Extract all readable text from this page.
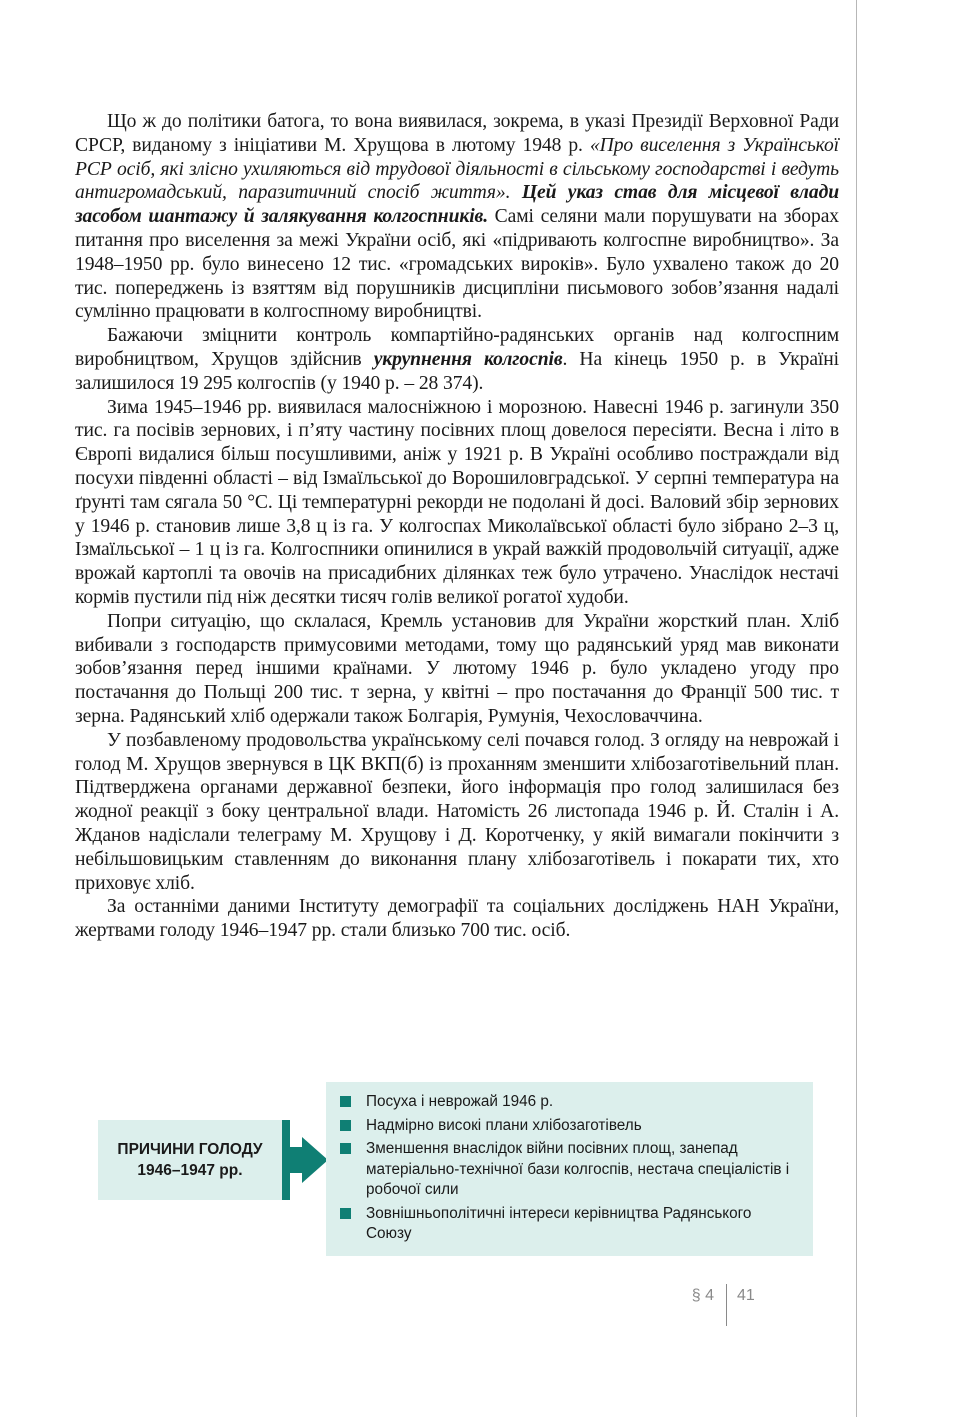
Що ж до політики батога, то вона виявилася, зокрема, в указі Президії Верховної Ради СРСР, виданому з ініціативи М. Хрущова в лютому 1948 р. «Про виселення з Української РСР осіб, які злісно ухиляються від трудової діяльності в сільському господарстві і ведуть антигромадський, паразитичний спосіб життя». Цей указ став для місцевої влади засобом шантажу й залякування колгоспників. Самі селяни мали порушувати на зборах питання про виселення за межі України осіб, які «підривають колгоспне виробництво». За 1948–1950 рр. було винесено 12 тис. «громадських вироків». Було ухвалено також до 20 тис. попереджень із взяттям від порушників дисципліни письмового зобов’язання надалі сумлінно працювати в колгоспному виробництві.

Бажаючи зміцнити контроль компартійно-радянських органів над колгоспним виробництвом, Хрущов здійснив укрупнення колгоспів. На кінець 1950 р. в Україні залишилося 19 295 колгоспів (у 1940 р. – 28 374).

Зима 1945–1946 рр. виявилася малосніжною і морозною. Навесні 1946 р. загинули 350 тис. га посівів зернових, і п’яту частину посівних площ довелося пересіяти. Весна і літо в Європі видалися більш посушливими, аніж у 1921 р. В Україні особливо постраждали від посухи південні області – від Ізмаїльської до Ворошиловградської. У серпні температура на ґрунті там сягала 50 °С. Ці температурні рекорди не подолані й досі. Валовий збір зернових у 1946 р. становив лише 3,8 ц із га. У колгоспах Миколаївської області було зібрано 2–3 ц, Ізмаїльської – 1 ц із га. Колгоспники опинилися в украй важкій продовольчій ситуації, адже врожай картоплі та овочів на присадибних ділянках теж було утрачено. Унаслідок нестачі кормів пустили під ніж десятки тисяч голів великої рогатої худоби.

Попри ситуацію, що склалася, Кремль установив для України жорсткий план. Хліб вибивали з господарств примусовими методами, тому що радянський уряд мав виконати зобов’язання перед іншими країнами. У лютому 1946 р. було укладено угоду про постачання до Польщі 200 тис. т зерна, у квітні – про постачання до Франції 500 тис. т зерна. Радянський хліб одержали також Болгарія, Румунія, Чехословаччина.

У позбавленому продовольства українському селі почався голод. З огляду на неврожай і голод М. Хрущов звернувся в ЦК ВКП(б) із проханням зменшити хлібозаготівельний план. Підтверджена органами державної безпеки, його інформація про голод залишилася без жодної реакції з боку центральної влади. Натомість 26 листопада 1946 р. Й. Сталін і А. Жданов надіслали телеграму М. Хрущову і Д. Коротченку, у якій вимагали покінчити з небільшовицьким ставленням до виконання плану хлібозаготівель і покарати тих, хто приховує хліб.

За останніми даними Інституту демографії та соціальних досліджень НАН України, жертвами голоду 1946–1947 рр. стали близько 700 тис. осіб.

ПРИЧИНИ ГОЛОДУ
1946–1947 рр.
Посуха і неврожай 1946 р.
Надмірно високі плани хлібозаготівель
Зменшення внаслідок війни посівних площ, занепад матеріально-технічної бази колгоспів, нестача спеціалістів і робочої сили
Зовнішньополітичні інтереси керівництва Радянського Союзу
§ 4 41
